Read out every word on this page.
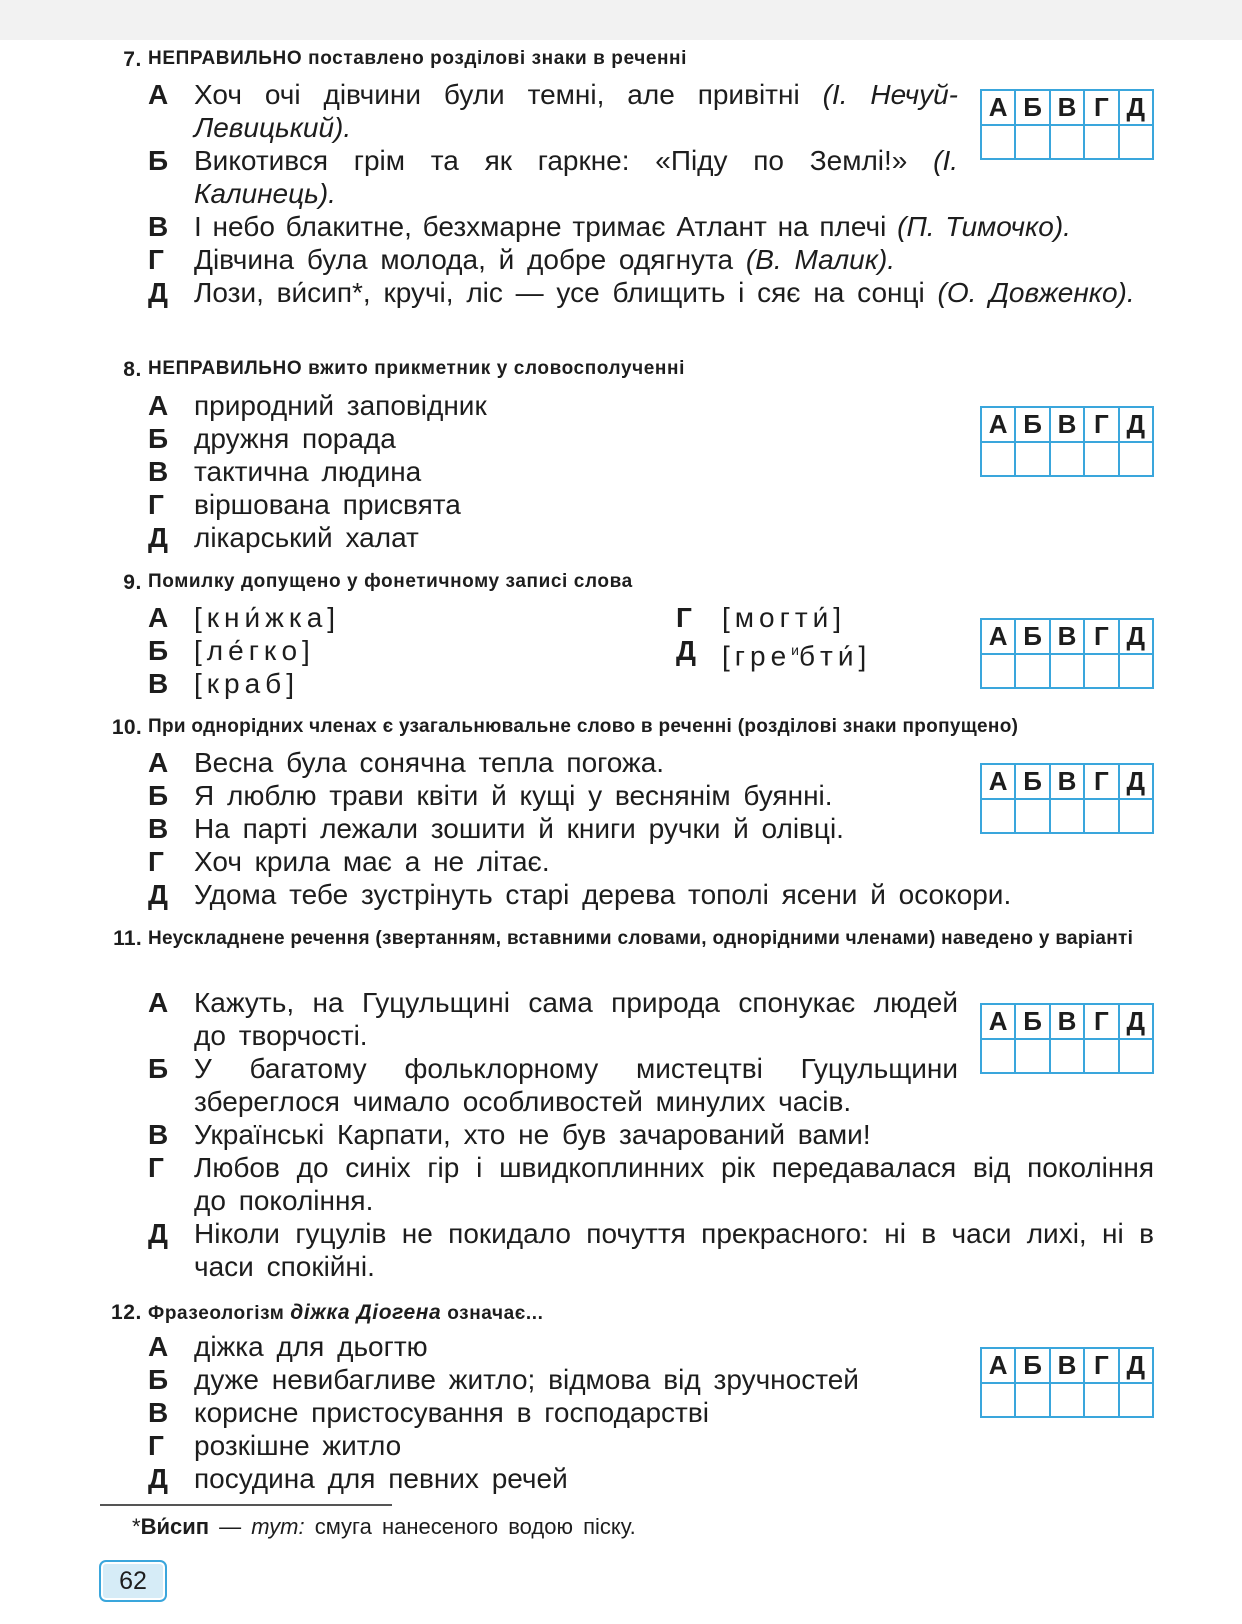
7. НЕПРАВИЛЬНО поставлено розділові знаки в реченні
А Хоч очі дівчини були темні, але привітні (І. Нечуй-Левицький).
Б Викотився грім та як гаркне: «Піду по Землі!» (І. Калинець).
В І небо блакитне, безхмарне тримає Атлант на плечі (П. Тимочко).
Г Дівчина була молода, й добре одягнута (В. Малик).
Д Лози, ви́сип*, кручі, ліс — усе блищить і сяє на сонці (О. Довженко).
А	Б	В	Г	Д

8. НЕПРАВИЛЬНО вжито прикметник у словосполученні
А природний заповідник
Б дружня порада
В тактична людина
Г віршована присвята
Д лікарський халат
А	Б	В	Г	Д

9. Помилку допущено у фонетичному записі слова
А [кни́жка]
Б [ле́гко]
В [краб]
Г [могти́]
Д [гре$^и$бти́]
А	Б	В	Г	Д

10. При однорідних членах є узагальнювальне слово в реченні (розділові знаки пропущено)
А Весна була сонячна тепла погожа.
Б Я люблю трави квіти й кущі у веснянім буянні.
В На парті лежали зошити й книги ручки й олівці.
Г Хоч крила має а не літає.
Д Удома тебе зустрінуть старі дерева тополі ясени й осокори.
А	Б	В	Г	Д

11. Неускладнене речення (звертанням, вставними словами, однорідними членами) наведено у варіанті
А Кажуть, на Гуцульщині сама природа спонукає людей до творчості.
Б У багатому фольклорному мистецтві Гуцульщини збереглося чимало особливостей минулих часів.
В Українські Карпати, хто не був зачарований вами!
Г Любов до синіх гір і швидкоплинних рік передавалася від покоління до покоління.
Д Ніколи гуцулів не покидало почуття прекрасного: ні в часи лихі, ні в часи спокійні.
А	Б	В	Г	Д

12. Фразеологізм діжка Діогена означає...
А діжка для дьогтю
Б дуже невибагливе житло; відмова від зручностей
В корисне пристосування в господарстві
Г розкішне житло
Д посудина для певних речей
А	Б	В	Г	Д

*Ви́сип — тут: смуга нанесеного водою піску.
62
